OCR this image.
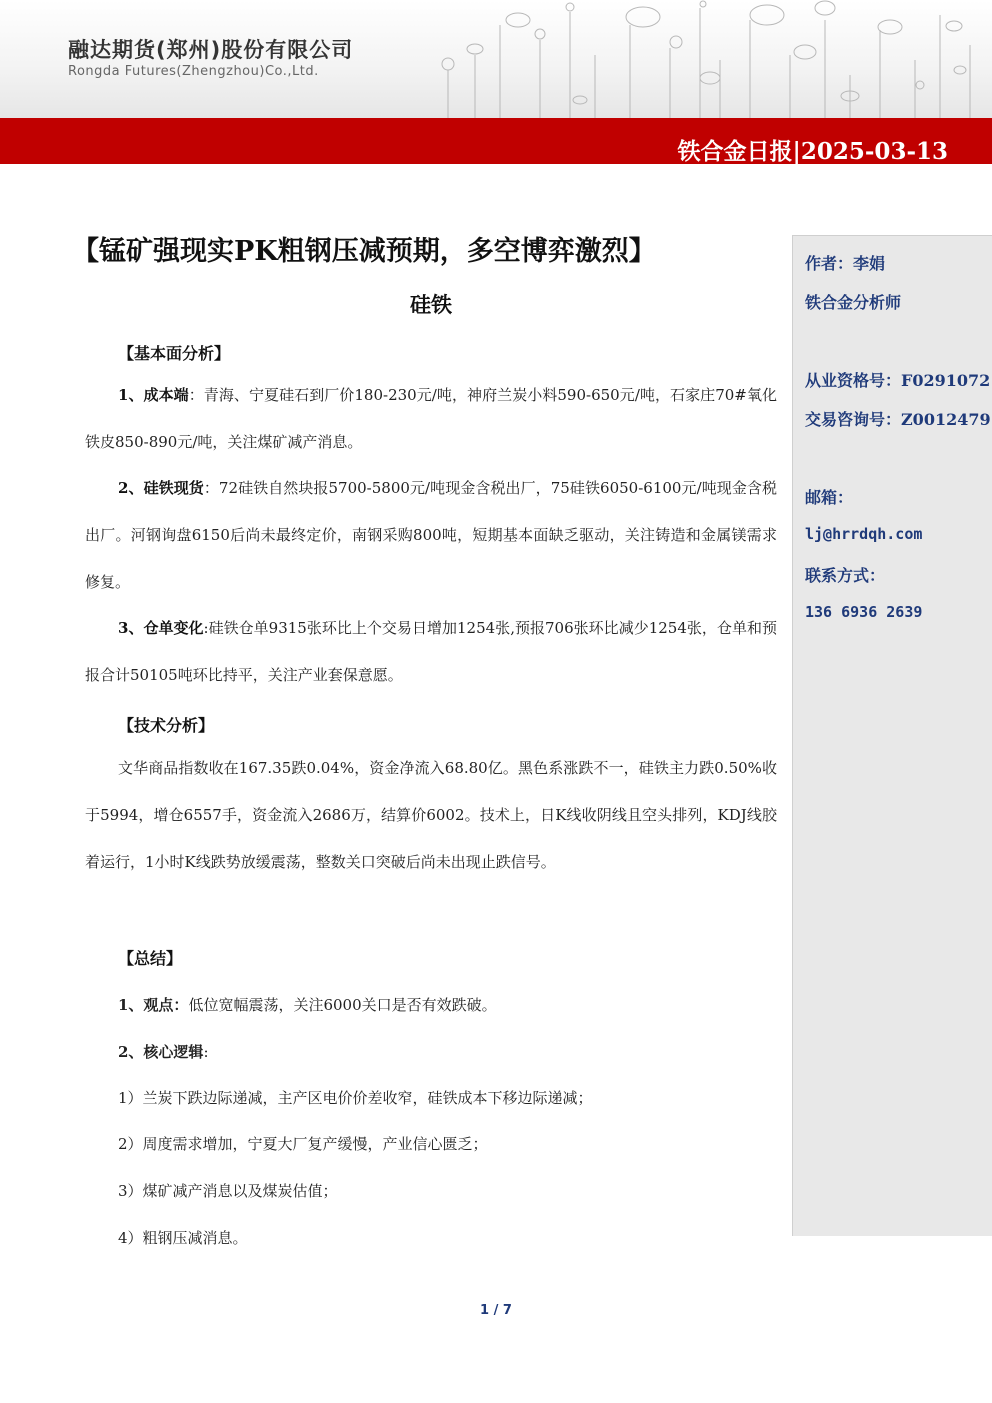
融达期货(郑州)股份有限公司
Rongda Futures(Zhengzhou)Co.,Ltd.
铁合金日报|2025-03-13
【锰矿强现实PK粗钢压减预期，多空博弈激烈】
硅铁
【基本面分析】
1、成本端：青海、宁夏硅石到厂价180-230元/吨，神府兰炭小料590-650元/吨，石家庄70#氧化铁皮850-890元/吨，关注煤矿减产消息。
2、硅铁现货：72硅铁自然块报5700-5800元/吨现金含税出厂，75硅铁6050-6100元/吨现金含税出厂。河钢询盘6150后尚未最终定价，南钢采购800吨，短期基本面缺乏驱动，关注铸造和金属镁需求修复。
3、仓单变化:硅铁仓单9315张环比上个交易日增加1254张,预报706张环比减少1254张，仓单和预报合计50105吨环比持平，关注产业套保意愿。
【技术分析】
文华商品指数收在167.35跌0.04%，资金净流入68.80亿。黑色系涨跌不一，硅铁主力跌0.50%收于5994，增仓6557手，资金流入2686万，结算价6002。技术上，日K线收阴线且空头排列，KDJ线胶着运行，1小时K线跌势放缓震荡，整数关口突破后尚未出现止跌信号。
【总结】
1、观点：低位宽幅震荡，关注6000关口是否有效跌破。
2、核心逻辑:
1）兰炭下跌边际递减，主产区电价价差收窄，硅铁成本下移边际递减；
2）周度需求增加，宁夏大厂复产缓慢，产业信心匮乏；
3）煤矿减产消息以及煤炭估值；
4）粗钢压减消息。
作者：李娟
铁合金分析师
从业资格号：F0291072
交易咨询号：Z0012479
邮箱：
lj@hrrdqh.com
联系方式：
136 6936 2639
1 / 7
